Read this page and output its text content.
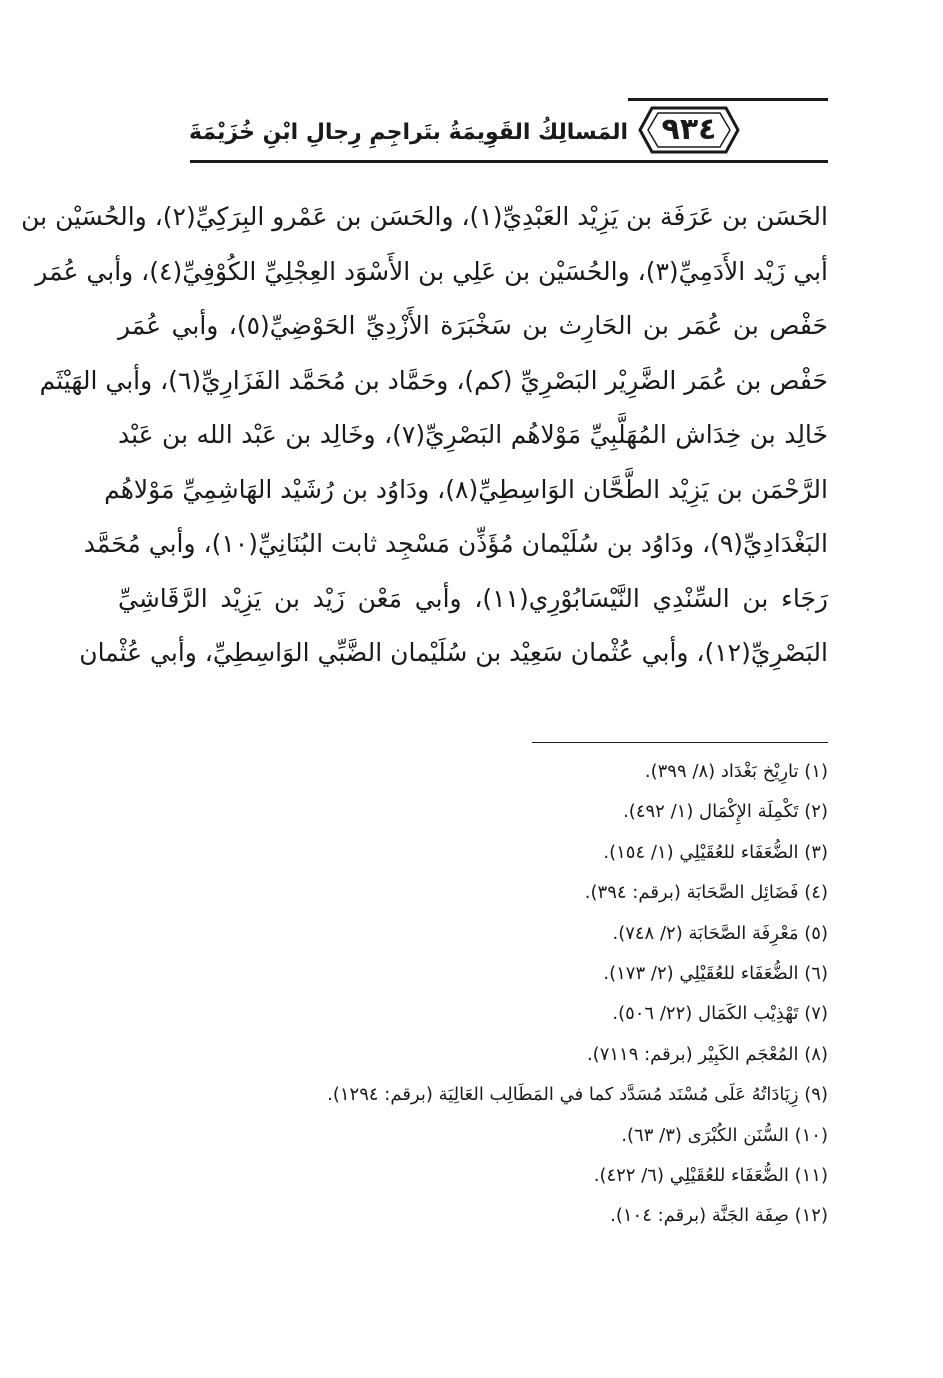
٩٣٤
المَسالِكُ القَوِيمَةُ بتَراجِمِ رِجالِ ابْنِ خُزَيْمَةَ
الحَسَن بن عَرَفَة بن يَزِيْد العَبْدِيِّ(١)، والحَسَن بن عَمْرو البِرَكِيِّ(٢)، والحُسَيْن بن
أبي زَيْد الأَدَمِيِّ(٣)، والحُسَيْن بن عَلِي بن الأَسْوَد العِجْلِيِّ الكُوْفِيِّ(٤)، وأبي عُمَر
حَفْص بن عُمَر بن الحَارِث بن سَخْبَرَة الأَزْدِيِّ الحَوْضِيِّ(٥)، وأبي عُمَر
حَفْص بن عُمَر الضَّرِيْر البَصْرِيِّ (كم)، وحَمَّاد بن مُحَمَّد الفَزَارِيِّ(٦)، وأبي الهَيْثَم
خَالِد بن خِدَاش المُهَلَّبِيِّ مَوْلاهُم البَصْرِيِّ(٧)، وخَالِد بن عَبْد الله بن عَبْد
الرَّحْمَن بن يَزِيْد الطَّحَّان الوَاسِطِيِّ(٨)، ودَاوُد بن رُشَيْد الهَاشِمِيِّ مَوْلاهُم
البَغْدَادِيِّ(٩)، ودَاوُد بن سُلَيْمان مُؤَذِّن مَسْجِد ثابت البُنَانِيِّ(١٠)، وأبي مُحَمَّد
رَجَاء بن السِّنْدِي النَّيْسَابُوْرِي(١١)، وأبي مَعْن زَيْد بن يَزِيْد الرَّقَاشِيِّ
البَصْرِيِّ(١٢)، وأبي عُثْمان سَعِيْد بن سُلَيْمان الضَّبِّي الوَاسِطِيِّ، وأبي عُثْمان
(١) تارِيْخ بَغْدَاد (٨/ ٣٩٩).
(٢) تَكْمِلَة الإِكْمَال (١/ ٤٩٢).
(٣) الضُّعَفَاء للعُقَيْلِي (١/ ١٥٤).
(٤) فَضَائِل الصَّحَابَة (برقم: ٣٩٤).
(٥) مَعْرِفَة الصَّحَابَة (٢/ ٧٤٨).
(٦) الضُّعَفَاء للعُقَيْلِي (٢/ ١٧٣).
(٧) تَهْذِيْب الكَمَال (٢٢/ ٥٠٦).
(٨) المُعْجَم الكَبِيْر (برقم: ٧١١٩).
(٩) زِيَادَاتُهُ عَلَى مُسْنَد مُسَدَّد كما في المَطَالِب العَالِيَة (برقم: ١٢٩٤).
(١٠) السُّنَن الكُبْرَى (٣/ ٦٣).
(١١) الضُّعَفَاء للعُقَيْلِي (٦/ ٤٢٢).
(١٢) صِفَة الجَنَّة (برقم: ١٠٤).
